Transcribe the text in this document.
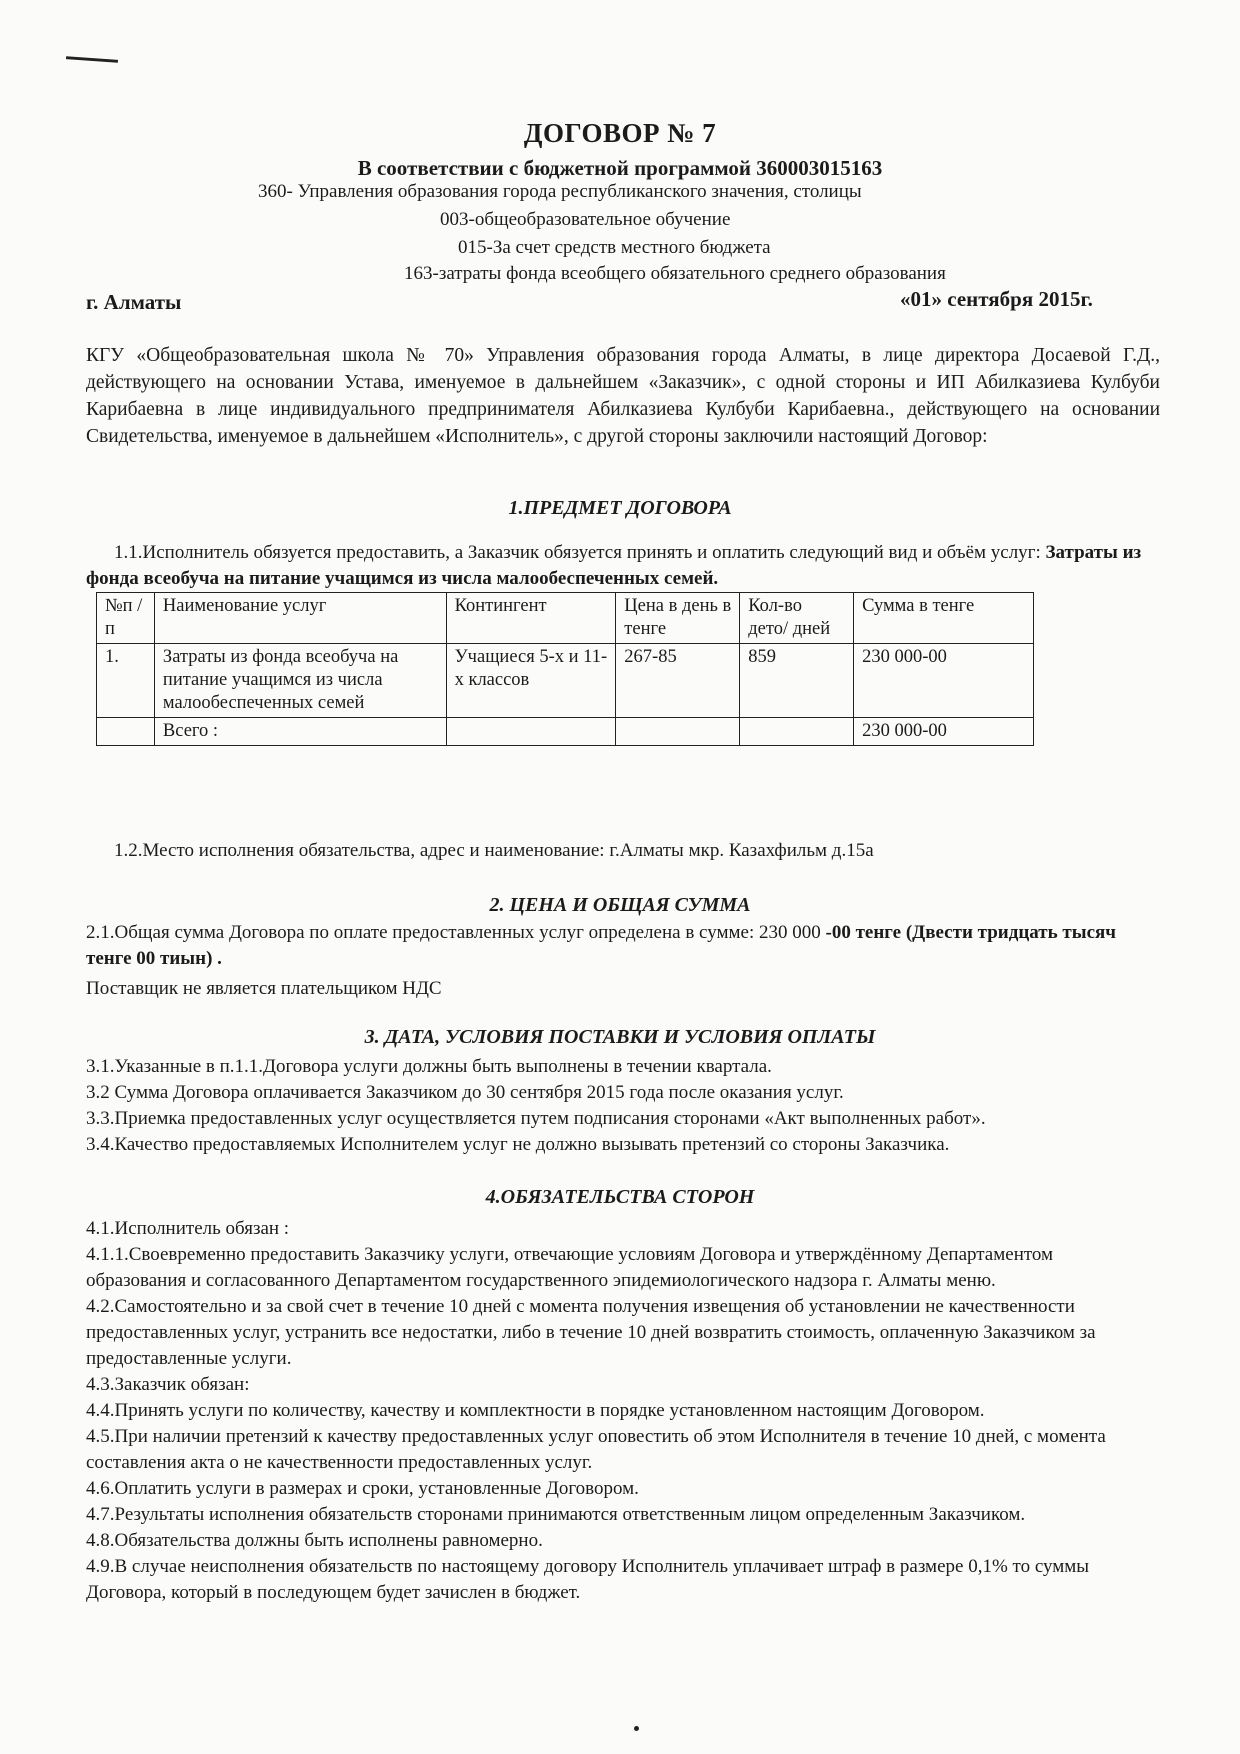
ДОГОВОР № 7
В соответствии с бюджетной программой 360003015163
360- Управления образования города республиканского значения, столицы
003-общеобразовательное обучение
015-За счет средств местного бюджета
163-затраты фонда всеобщего обязательного среднего образования
г. Алматы	«01» сентября 2015г.
КГУ «Общеобразовательная школа № 70» Управления образования города Алматы, в лице директора Досаевой Г.Д., действующего на основании Устава, именуемое в дальнейшем «Заказчик», с одной стороны и ИП Абилказиева Кулбуби Карибаевна в лице индивидуального предпринимателя Абилказиева Кулбуби Карибаевна., действующего на основании Свидетельства, именуемое в дальнейшем «Исполнитель», с другой стороны заключили настоящий Договор:
1.ПРЕДМЕТ ДОГОВОРА
1.1.Исполнитель обязуется предоставить, а Заказчик обязуется принять и оплатить следующий вид и объём услуг: Затраты из фонда всеобуча на питание учащимся из числа малообеспеченных семей.
№п /п	Наименование услуг	Контингент	Цена в день в тенге	Кол-во дето/ дней	Сумма в тенге
1.	Затраты из фонда всеобуча на питание учащимся из числа малообеспеченных семей	Учащиеся 5-х и 11-х классов	267-85	859	230 000-00
	Всего :				230 000-00
1.2.Место исполнения обязательства, адрес и наименование: г.Алматы мкр. Казахфильм д.15а
2. ЦЕНА И ОБЩАЯ СУММА
2.1.Общая сумма Договора по оплате предоставленных услуг определена в сумме: 230 000 -00 тенге (Двести тридцать тысяч тенге 00 тиын) .
Поставщик не является плательщиком НДС
3. ДАТА, УСЛОВИЯ ПОСТАВКИ И УСЛОВИЯ ОПЛАТЫ

3.1.Указанные в п.1.1.Договора услуги должны быть выполнены в течении квартала.

3.2 Сумма Договора оплачивается Заказчиком до 30 сентября 2015 года после оказания услуг.

3.3.Приемка предоставленных услуг осуществляется путем подписания сторонами «Акт выполненных работ».

3.4.Качество предоставляемых Исполнителем услуг не должно вызывать претензий со стороны Заказчика.

4.ОБЯЗАТЕЛЬСТВА СТОРОН

4.1.Исполнитель обязан :

4.1.1.Своевременно предоставить Заказчику услуги, отвечающие условиям Договора и утверждённому Департаментом образования и согласованного Департаментом государственного эпидемиологического надзора г. Алматы меню.

4.2.Самостоятельно и за свой счет в течение 10 дней с момента получения извещения об установлении не качественности предоставленных услуг, устранить все недостатки, либо в течение 10 дней возвратить стоимость, оплаченную Заказчиком за предоставленные услуги.

4.3.Заказчик обязан:

4.4.Принять услуги по количеству, качеству и комплектности в порядке установленном настоящим Договором.

4.5.При наличии претензий к качеству предоставленных услуг оповестить об этом Исполнителя в течение 10 дней, с момента составления акта о не качественности предоставленных услуг.

4.6.Оплатить услуги в размерах и сроки, установленные Договором.

4.7.Результаты исполнения обязательств сторонами принимаются ответственным лицом определенным Заказчиком.

4.8.Обязательства должны быть исполнены равномерно.

4.9.В случае неисполнения обязательств по настоящему договору Исполнитель уплачивает штраф в размере 0,1% то суммы Договора, который в последующем будет зачислен в бюджет.
